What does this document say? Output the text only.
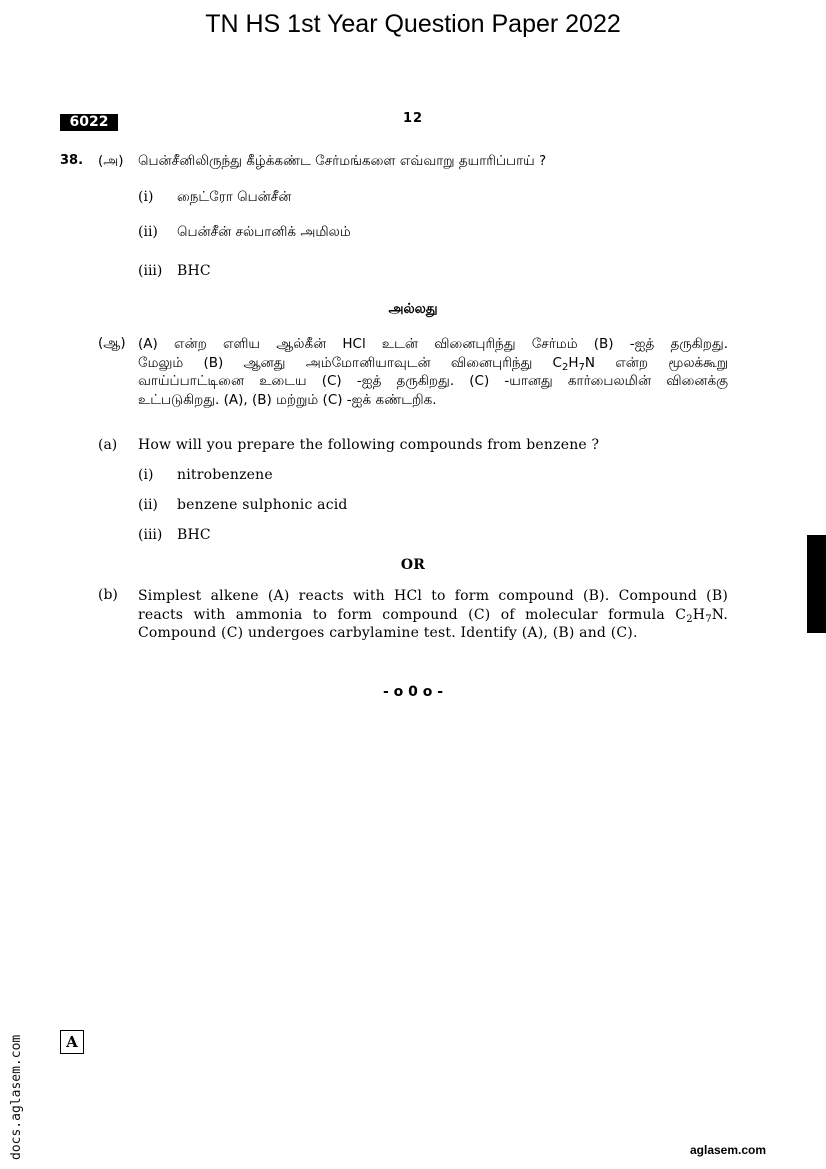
TN HS 1st Year Question Paper 2022
6022	12
38. (அ) பென்சீனிலிருந்து கீழ்க்கண்ட சேர்மங்களை எவ்வாறு தயாரிப்பாய் ?
(i) நைட்ரோ பென்சீன்
(ii) பென்சீன் சல்பானிக் அமிலம்
(iii) BHC
அல்லது
(ஆ) (A) என்ற எளிய ஆல்கீன் HCl உடன் வினைபுரிந்து சேர்மம் (B) -ஐத் தருகிறது.
மேலும் (B) ஆனது அம்மோனியாவுடன் வினைபுரிந்து $C_2H_7N$ என்ற மூலக்கூறு
வாய்ப்பாட்டினை உடைய (C) -ஐத் தருகிறது. (C) -யானது கார்பைலமின் வினைக்கு
உட்படுகிறது. (A), (B) மற்றும் (C) -ஐக் கண்டறிக.
(a) How will you prepare the following compounds from benzene ?
(i) nitrobenzene
(ii) benzene sulphonic acid
(iii) BHC
OR
(b) Simplest alkene (A) reacts with HCl to form compound (B). Compound (B)
reacts with ammonia to form compound (C) of molecular formula $C_2H_7N$.
Compound (C) undergoes carbylamine test. Identify (A), (B) and (C).
- o 0 o -
A
docs.aglasem.com	aglasem.com
